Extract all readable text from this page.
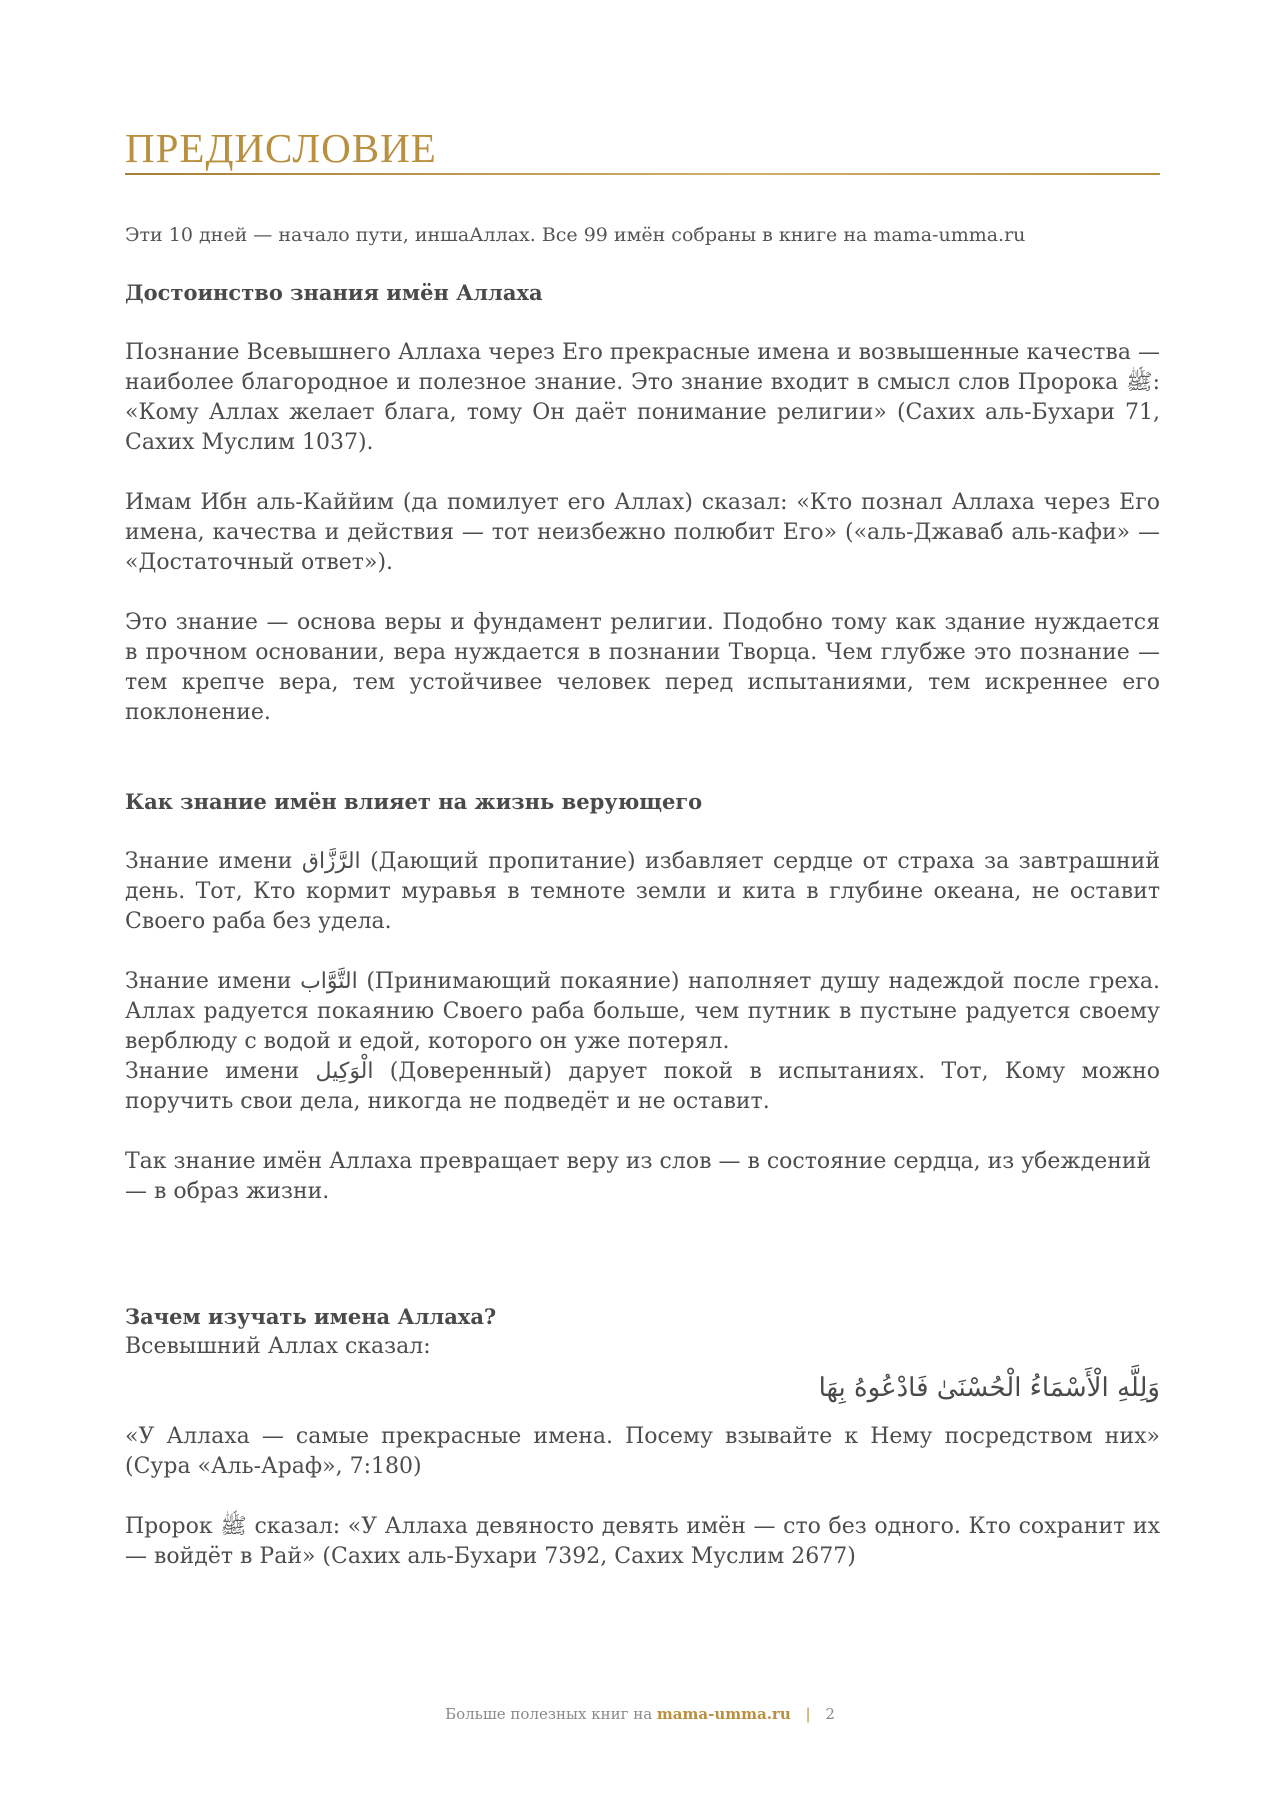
ПРЕДИСЛОВИЕ
Эти 10 дней — начало пути, иншаАллах. Все 99 имён собраны в книге на mama-umma.ru
Достоинство знания имён Аллаха

Познание Всевышнего Аллаха через Его прекрасные имена и возвышенные качества — наиболее благородное и полезное знание. Это знание входит в смысл слов Пророка ﷺ: «Кому Аллах желает блага, тому Он даёт понимание религии» (Сахих аль-Бухари 71, Сахих Муслим 1037).

Имам Ибн аль-Каййим (да помилует его Аллах) сказал: «Кто познал Аллаха через Его имена, качества и действия — тот неизбежно полюбит Его» («аль-Джаваб аль-кафи» — «Достаточный ответ»).

Это знание — основа веры и фундамент религии. Подобно тому как здание нуждается в прочном основании, вера нуждается в познании Творца. Чем глубже это познание — тем крепче вера, тем устойчивее человек перед испытаниями, тем искреннее его поклонение.

Как знание имён влияет на жизнь верующего

Знание имени الرَّزَّاق (Дающий пропитание) избавляет сердце от страха за завтрашний день. Тот, Кто кормит муравья в темноте земли и кита в глубине океана, не оставит Своего раба без удела.

Знание имени التَّوَّاب (Принимающий покаяние) наполняет душу надеждой после греха. Аллах радуется покаянию Своего раба больше, чем путник в пустыне радуется своему верблюду с водой и едой, которого он уже потерял.

Знание имени الْوَكِيل (Доверенный) дарует покой в испытаниях. Тот, Кому можно поручить свои дела, никогда не подведёт и не оставит.

Так знание имён Аллаха превращает веру из слов — в состояние сердца, из убеждений — в образ жизни.

Зачем изучать имена Аллаха?

Всевышний Аллах сказал:

وَلِلَّهِ الْأَسْمَاءُ الْحُسْنَىٰ فَادْعُوهُ بِهَا

«У Аллаха — самые прекрасные имена. Посему взывайте к Нему посредством них» (Сура «Аль-Араф», 7:180)

Пророк ﷺ сказал: «У Аллаха девяносто девять имён — сто без одного. Кто сохранит их — войдёт в Рай» (Сахих аль-Бухари 7392, Сахих Муслим 2677)

Больше полезных книг на mama-umma.ru | 2
